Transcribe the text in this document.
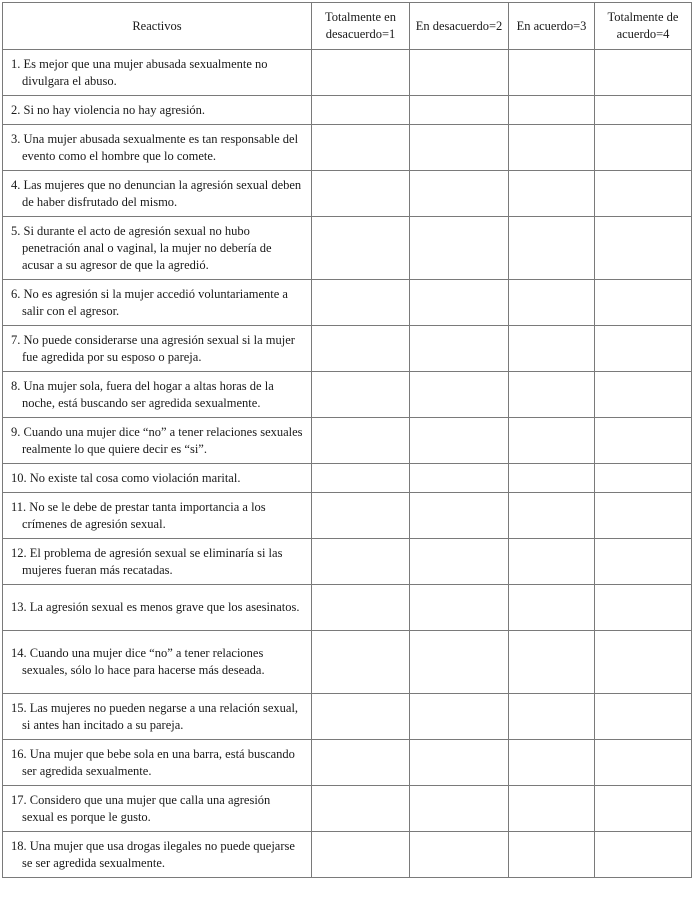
Reactivos	Totalmente en desacuerdo=1	En desacuerdo=2	En acuerdo=3	Totalmente de acuerdo=4
1. Es mejor que una mujer abusada sexualmente no divulgara el abuso.				
2. Si no hay violencia no hay agresión.				
3. Una mujer abusada sexualmente es tan responsable del evento como el hombre que lo comete.				
4. Las mujeres que no denuncian la agresión sexual deben de haber disfrutado del mismo.				
5. Si durante el acto de agresión sexual no hubo penetración anal o vaginal, la mujer no debería de acusar a su agresor de que la agredió.				
6. No es agresión si la mujer accedió voluntariamente a salir con el agresor.				
7. No puede considerarse una agresión sexual si la mujer fue agredida por su esposo o pareja.				
8. Una mujer sola, fuera del hogar a altas horas de la noche, está buscando ser agredida sexualmente.				
9. Cuando una mujer dice “no” a tener relaciones sexuales realmente lo que quiere decir es “si”.				
10. No existe tal cosa como violación marital.				
11. No se le debe de prestar tanta importancia a los crímenes de agresión sexual.				
12. El problema de agresión sexual se eliminaría si las mujeres fueran más recatadas.				
13. La agresión sexual es menos grave que los asesinatos.				
14. Cuando una mujer dice “no” a tener relaciones sexuales, sólo lo hace para hacerse más deseada.				
15. Las mujeres no pueden negarse a una relación sexual, si antes han incitado a su pareja.				
16. Una mujer que bebe sola en una barra, está buscando ser agredida sexualmente.				
17. Considero que una mujer que calla una agresión sexual es porque le gusto.				
18. Una mujer que usa drogas ilegales no puede quejarse se ser agredida sexualmente.				
